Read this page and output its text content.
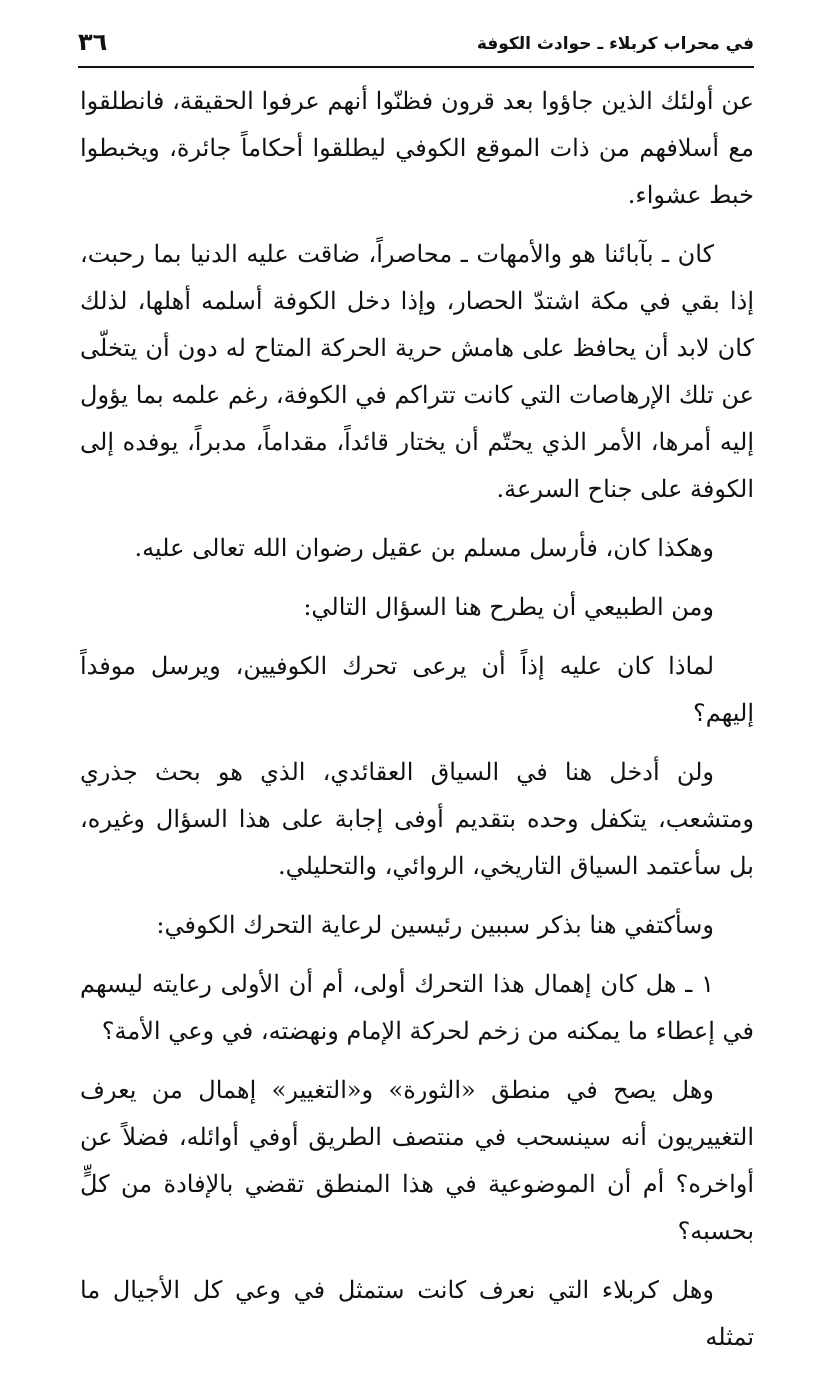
في محراب كربلاء ـ حوادث الكوفة
٣٦

عن أولئك الذين جاؤوا بعد قرون فظنّوا أنهم عرفوا الحقيقة، فانطلقوا مع أسلافهم من ذات الموقع الكوفي ليطلقوا أحكاماً جائرة، ويخبطوا خبط عشواء.

كان ـ بآبائنا هو والأمهات ـ محاصراً، ضاقت عليه الدنيا بما رحبت، إذا بقي في مكة اشتدّ الحصار، وإذا دخل الكوفة أسلمه أهلها، لذلك كان لابد أن يحافظ على هامش حرية الحركة المتاح له دون أن يتخلّى عن تلك الإرهاصات التي كانت تتراكم في الكوفة، رغم علمه بما يؤول إليه أمرها، الأمر الذي يحتّم أن يختار قائداً، مقداماً، مدبراً، يوفده إلى الكوفة على جناح السرعة.

وهكذا كان، فأرسل مسلم بن عقيل رضوان الله تعالى عليه.

ومن الطبيعي أن يطرح هنا السؤال التالي:

لماذا كان عليه إذاً أن يرعى تحرك الكوفيين، ويرسل موفداً إليهم؟

ولن أدخل هنا في السياق العقائدي، الذي هو بحث جذري ومتشعب، يتكفل وحده بتقديم أوفى إجابة على هذا السؤال وغيره، بل سأعتمد السياق التاريخي، الروائي، والتحليلي.

وسأكتفي هنا بذكر سببين رئيسين لرعاية التحرك الكوفي:

١ ـ هل كان إهمال هذا التحرك أولى، أم أن الأولى رعايته ليسهم في إعطاء ما يمكنه من زخم لحركة الإمام ونهضته، في وعي الأمة؟

وهل يصح في منطق «الثورة» و«التغيير» إهمال من يعرف التغييريون أنه سينسحب في منتصف الطريق أوفي أوائله، فضلاً عن أواخره؟ أم أن الموضوعية في هذا المنطق تقضي بالإفادة من كلٍّ بحسبه؟

وهل كربلاء التي نعرف كانت ستمثل في وعي كل الأجيال ما تمثله
